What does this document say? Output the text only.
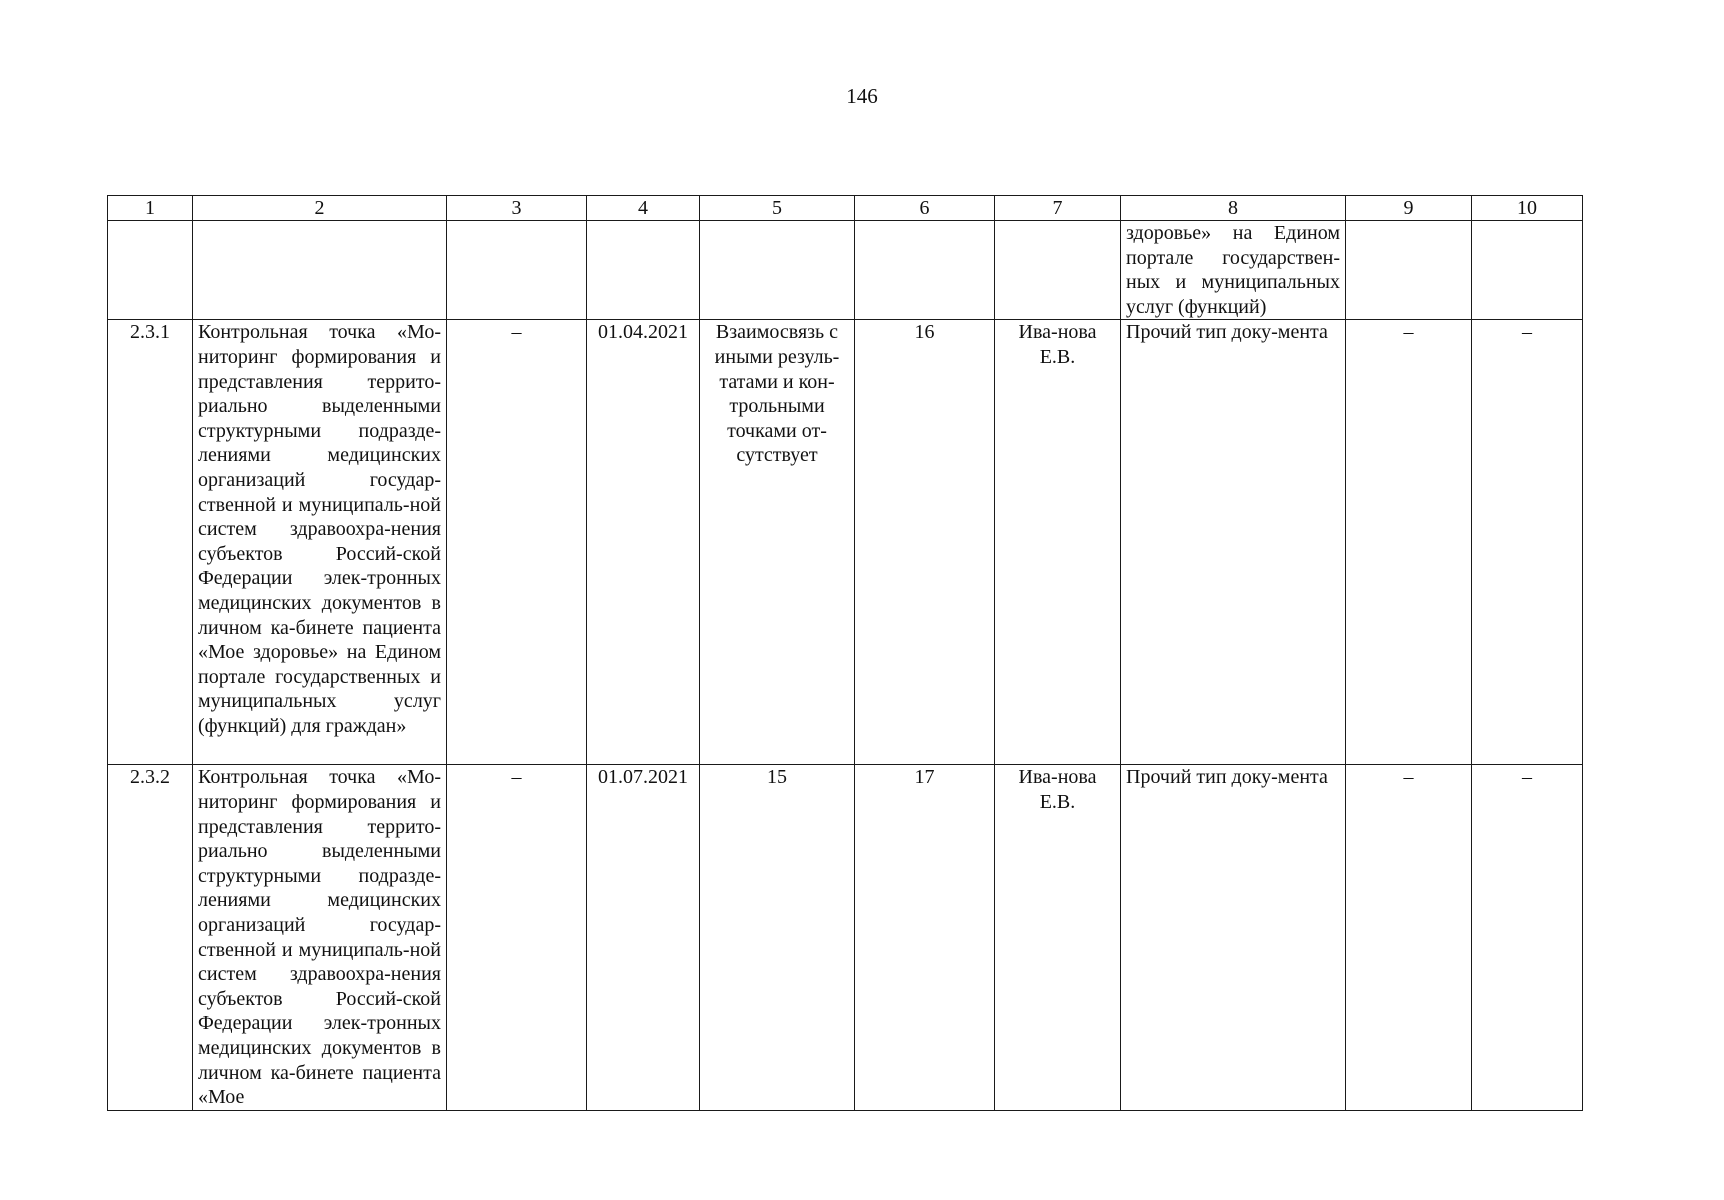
146
1	2	3	4	5	6	7	8	9	10
							здоровье» на Едином портале государствен-ных и муниципальных услуг (функций)		
2.3.1	Контрольная точка «Мо-ниторинг формирования и представления террито-риально выделенными структурными подразде-лениями медицинских организаций государ-ственной и муниципаль-ной систем здравоохра-нения субъектов Россий-ской Федерации элек-тронных медицинских документов в личном ка-бинете пациента «Мое здоровье» на Едином портале государственных и муниципальных услуг (функций) для граждан»	–	01.04.2021	Взаимосвязь с иными резуль-татами и кон-трольными точками от-сутствует	16	Ива-нова Е.В.	Прочий тип доку-мента	–	–
2.3.2	Контрольная точка «Мо-ниторинг формирования и представления террито-риально выделенными структурными подразде-лениями медицинских организаций государ-ственной и муниципаль-ной систем здравоохра-нения субъектов Россий-ской Федерации элек-тронных медицинских документов в личном ка-бинете пациента «Мое	–	01.07.2021	15	17	Ива-нова Е.В.	Прочий тип доку-мента	–	–
